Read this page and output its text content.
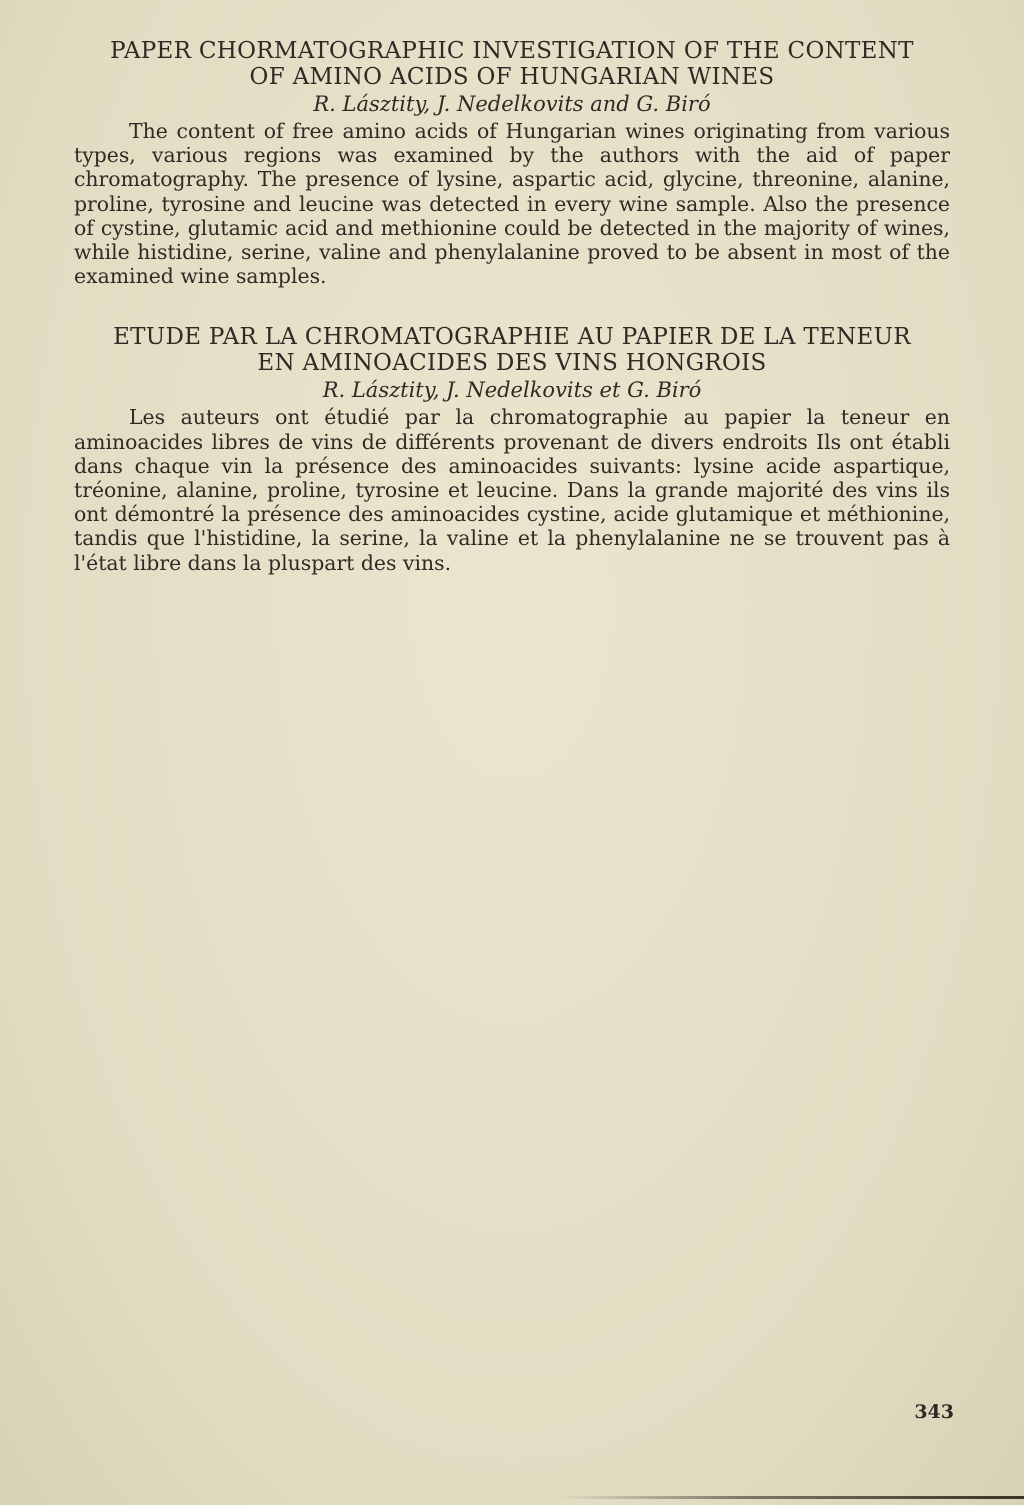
PAPER CHORMATOGRAPHIC INVESTIGATION OF THE CONTENT
OF AMINO ACIDS OF HUNGARIAN WINES

R. Lásztity, J. Nedelkovits and G. Biró

The content of free amino acids of Hungarian wines originating from various types, various regions was examined by the authors with the aid of paper chromatography. The presence of lysine, aspartic acid, glycine, threonine, alanine, proline, tyrosine and leucine was detected in every wine sample. Also the presence of cystine, glutamic acid and methionine could be detected in the majority of wines, while histidine, serine, valine and phenylalanine proved to be absent in most of the examined wine samples.

ETUDE PAR LA CHROMATOGRAPHIE AU PAPIER DE LA TENEUR
EN AMINOACIDES DES VINS HONGROIS

R. Lásztity, J. Nedelkovits et G. Biró

Les auteurs ont étudié par la chromatographie au papier la teneur en aminoacides libres de vins de différents provenant de divers endroits Ils ont établi dans chaque vin la présence des aminoacides suivants: lysine acide aspartique, tréonine, alanine, proline, tyrosine et leucine. Dans la grande majorité des vins ils ont démontré la présence des aminoacides cystine, acide glutamique et méthionine, tandis que l'histidine, la serine, la valine et la phenylalanine ne se trouvent pas à l'état libre dans la pluspart des vins.

343
